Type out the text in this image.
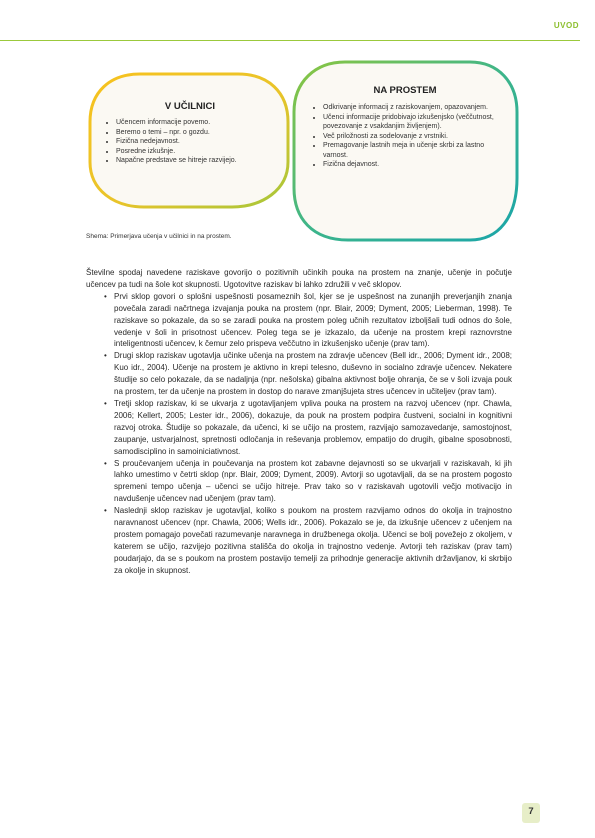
UVOD
V UČILNICI
• Učencem informacije povemo.
• Beremo o temi – npr. o gozdu.
• Fizična nedejavnost.
• Posredne izkušnje.
• Napačne predstave se hitreje razvijejo.
NA PROSTEM
• Odkrivanje informacij z raziskovanjem, opazovanjem.
• Učenci informacije pridobivajo izkušenjsko (veččutnost, povezovanje z vsakdanjim življenjem).
• Več priložnosti za sodelovanje z vrstniki.
• Premagovanje lastnih meja in učenje skrbi za lastno varnost.
• Fizična dejavnost.
Shema: Primerjava učenja v učilnici in na prostem.

Številne spodaj navedene raziskave govorijo o pozitivnih učinkih pouka na prostem na znanje, učenje in počutje učencev pa tudi na šole kot skupnosti. Ugotovitve raziskav bi lahko združili v več sklopov.

• Prvi sklop govori o splošni uspešnosti posameznih šol, kjer se je uspešnost na zunanjih preverjanjih znanja povečala zaradi načrtnega izvajanja pouka na prostem (npr. Blair, 2009; Dyment, 2005; Lieberman, 1998). Te raziskave so pokazale, da so se zaradi pouka na prostem poleg učnih rezultatov izboljšali tudi odnos do šole, vedenje v šoli in prisotnost učencev. Poleg tega se je izkazalo, da učenje na prostem krepi raznovrstne inteligentnosti učencev, k čemur zelo prispeva veččutno in izkušenjsko učenje (prav tam).
• Drugi sklop raziskav ugotavlja učinke učenja na prostem na zdravje učencev (Bell idr., 2006; Dyment idr., 2008; Kuo idr., 2004). Učenje na prostem je aktivno in krepi telesno, duševno in socialno zdravje učencev. Nekatere študije so celo pokazale, da se nadaljnja (npr. nešolska) gibalna aktivnost bolje ohranja, če se v šoli izvaja pouk na prostem, ter da učenje na prostem in dostop do narave zmanjšujeta stres učencev in učiteljev (prav tam).
• Tretji sklop raziskav, ki se ukvarja z ugotavljanjem vpliva pouka na prostem na razvoj učencev (npr. Chawla, 2006; Kellert, 2005; Lester idr., 2006), dokazuje, da pouk na prostem podpira čustveni, socialni in kognitivni razvoj otroka. Študije so pokazale, da učenci, ki se učijo na prostem, razvijajo samozavedanje, samostojnost, zaupanje, ustvarjalnost, spretnosti odločanja in reševanja problemov, empatijo do drugih, gibalne sposobnosti, samodisciplino in samoiniciativnost.
• S proučevanjem učenja in poučevanja na prostem kot zabavne dejavnosti so se ukvarjali v raziskavah, ki jih lahko umestimo v četrti sklop (npr. Blair, 2009; Dyment, 2009). Avtorji so ugotavljali, da se na prostem pogosto spremeni tempo učenja – učenci se učijo hitreje. Prav tako so v raziskavah ugotovili večjo motivacijo in navdušenje učencev nad učenjem (prav tam).
• Naslednji sklop raziskav je ugotavljal, koliko s poukom na prostem razvijamo odnos do okolja in trajnostno naravnanost učencev (npr. Chawla, 2006; Wells idr., 2006). Pokazalo se je, da izkušnje učencev z učenjem na prostem pomagajo povečati razumevanje naravnega in družbenega okolja. Učenci se bolj povežejo z okoljem, v katerem se učijo, razvijejo pozitivna stališča do okolja in trajnostno vedenje. Avtorji teh raziskav (prav tam) poudarjajo, da se s poukom na prostem postavijo temelji za prihodnje generacije aktivnih državljanov, ki skrbijo za okolje in skupnost.
7
